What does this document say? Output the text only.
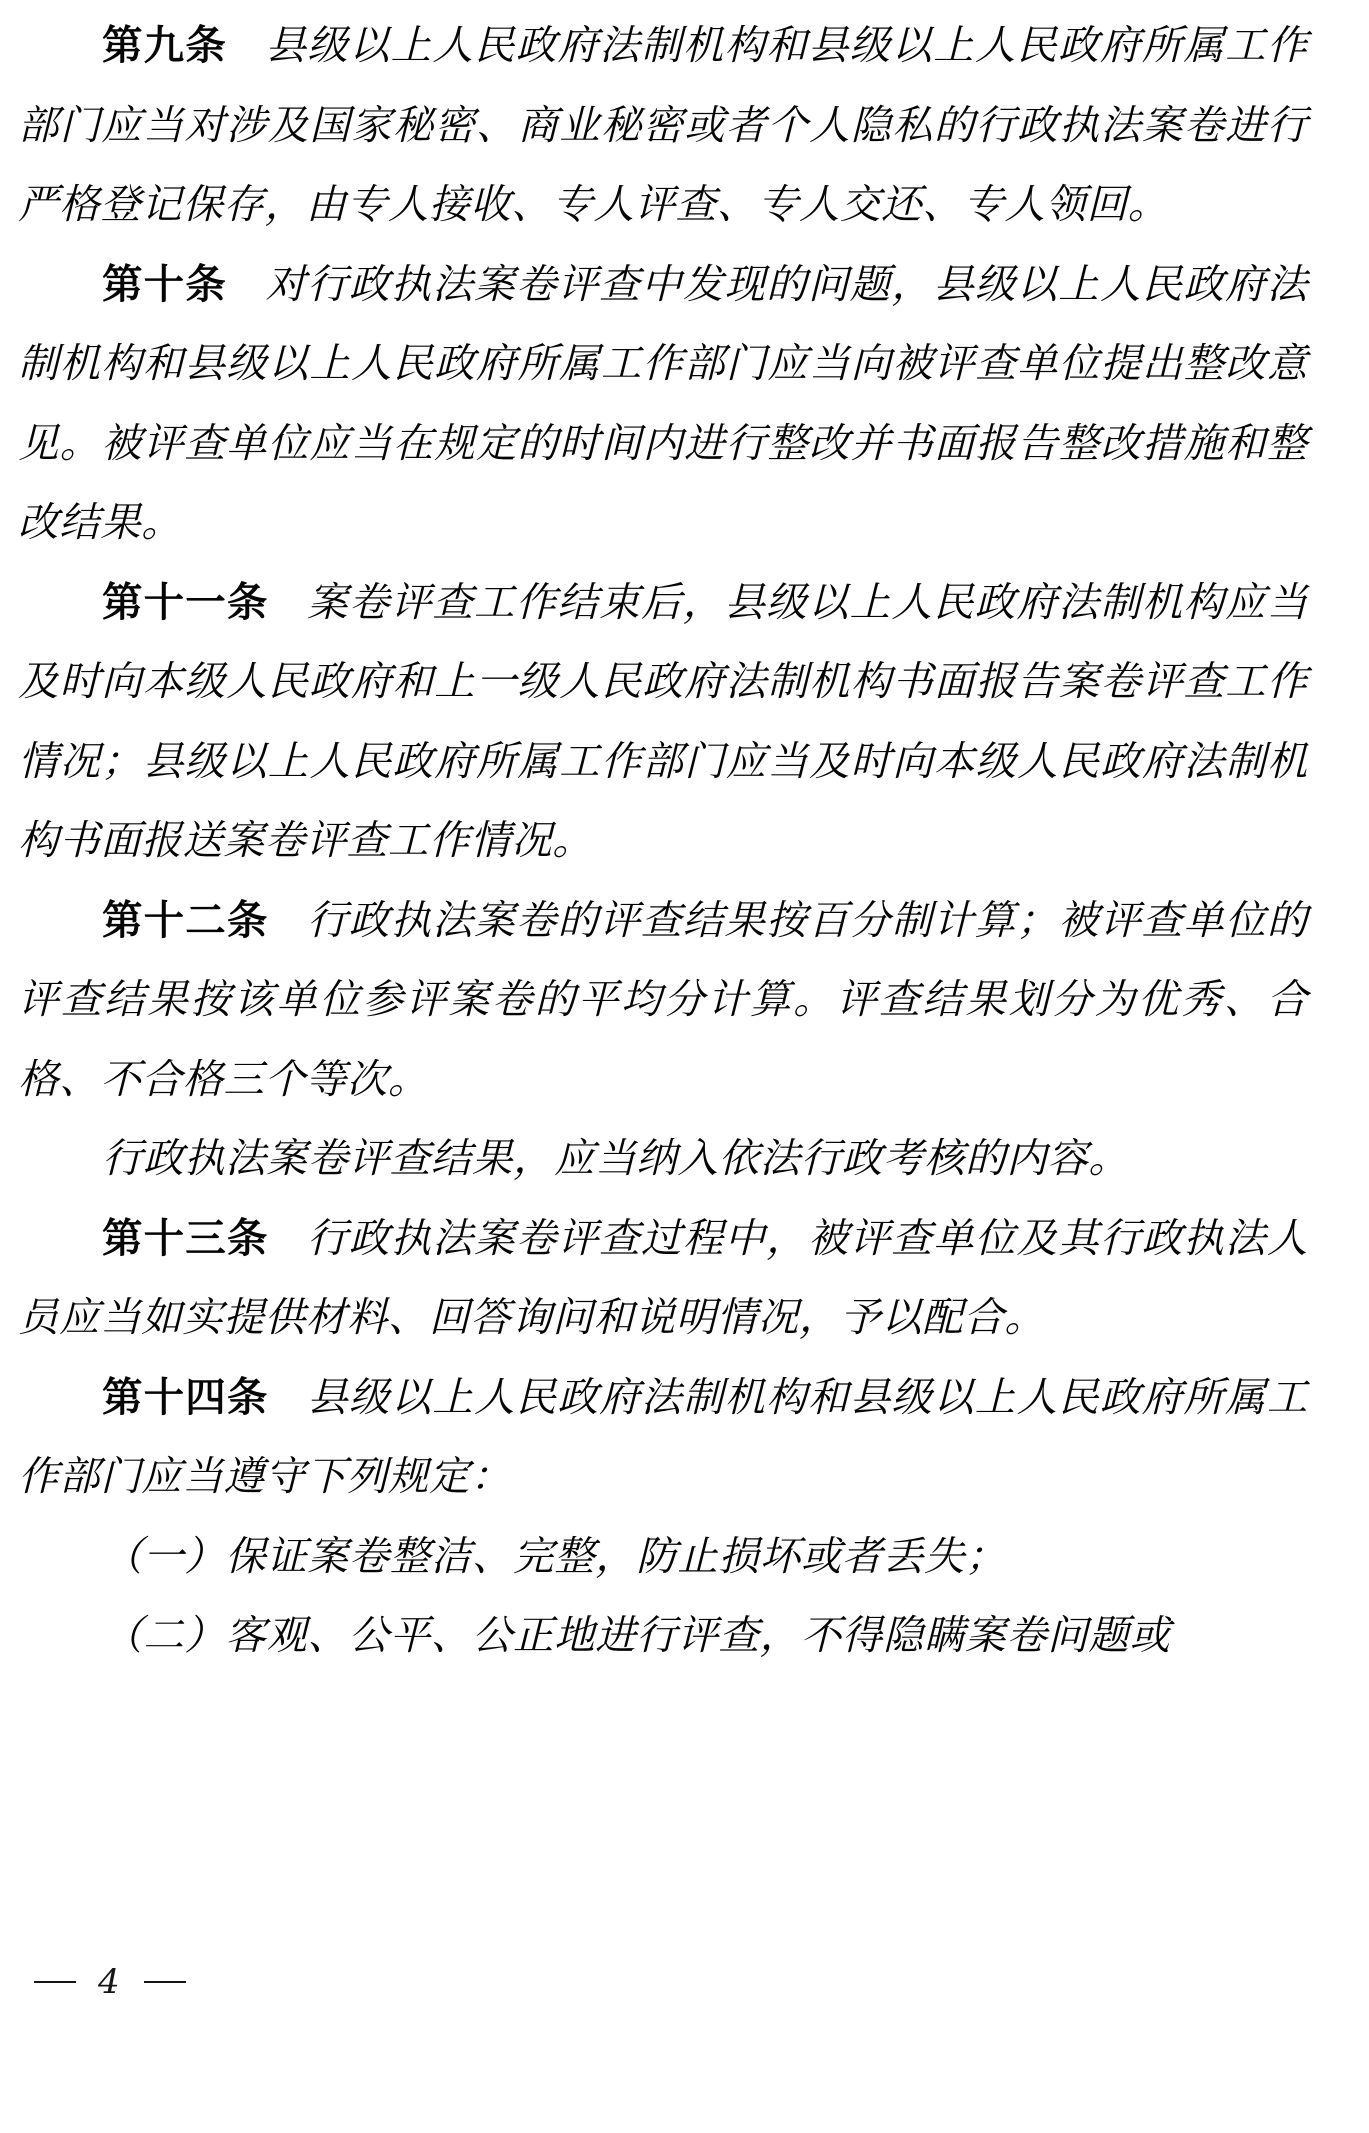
第九条 县级以上人民政府法制机构和县级以上人民政府所属工作部门应当对涉及国家秘密、商业秘密或者个人隐私的行政执法案卷进行严格登记保存，由专人接收、专人评查、专人交还、专人领回。

第十条 对行政执法案卷评查中发现的问题，县级以上人民政府法制机构和县级以上人民政府所属工作部门应当向被评查单位提出整改意见。被评查单位应当在规定的时间内进行整改并书面报告整改措施和整改结果。

第十一条 案卷评查工作结束后，县级以上人民政府法制机构应当及时向本级人民政府和上一级人民政府法制机构书面报告案卷评查工作情况；县级以上人民政府所属工作部门应当及时向本级人民政府法制机构书面报送案卷评查工作情况。

第十二条 行政执法案卷的评查结果按百分制计算；被评查单位的评查结果按该单位参评案卷的平均分计算。评查结果划分为优秀、合格、不合格三个等次。

行政执法案卷评查结果，应当纳入依法行政考核的内容。

第十三条 行政执法案卷评查过程中，被评查单位及其行政执法人员应当如实提供材料、回答询问和说明情况，予以配合。

第十四条 县级以上人民政府法制机构和县级以上人民政府所属工作部门应当遵守下列规定：

（一）保证案卷整洁、完整，防止损坏或者丢失；

（二）客观、公平、公正地进行评查，不得隐瞒案卷问题或

4
